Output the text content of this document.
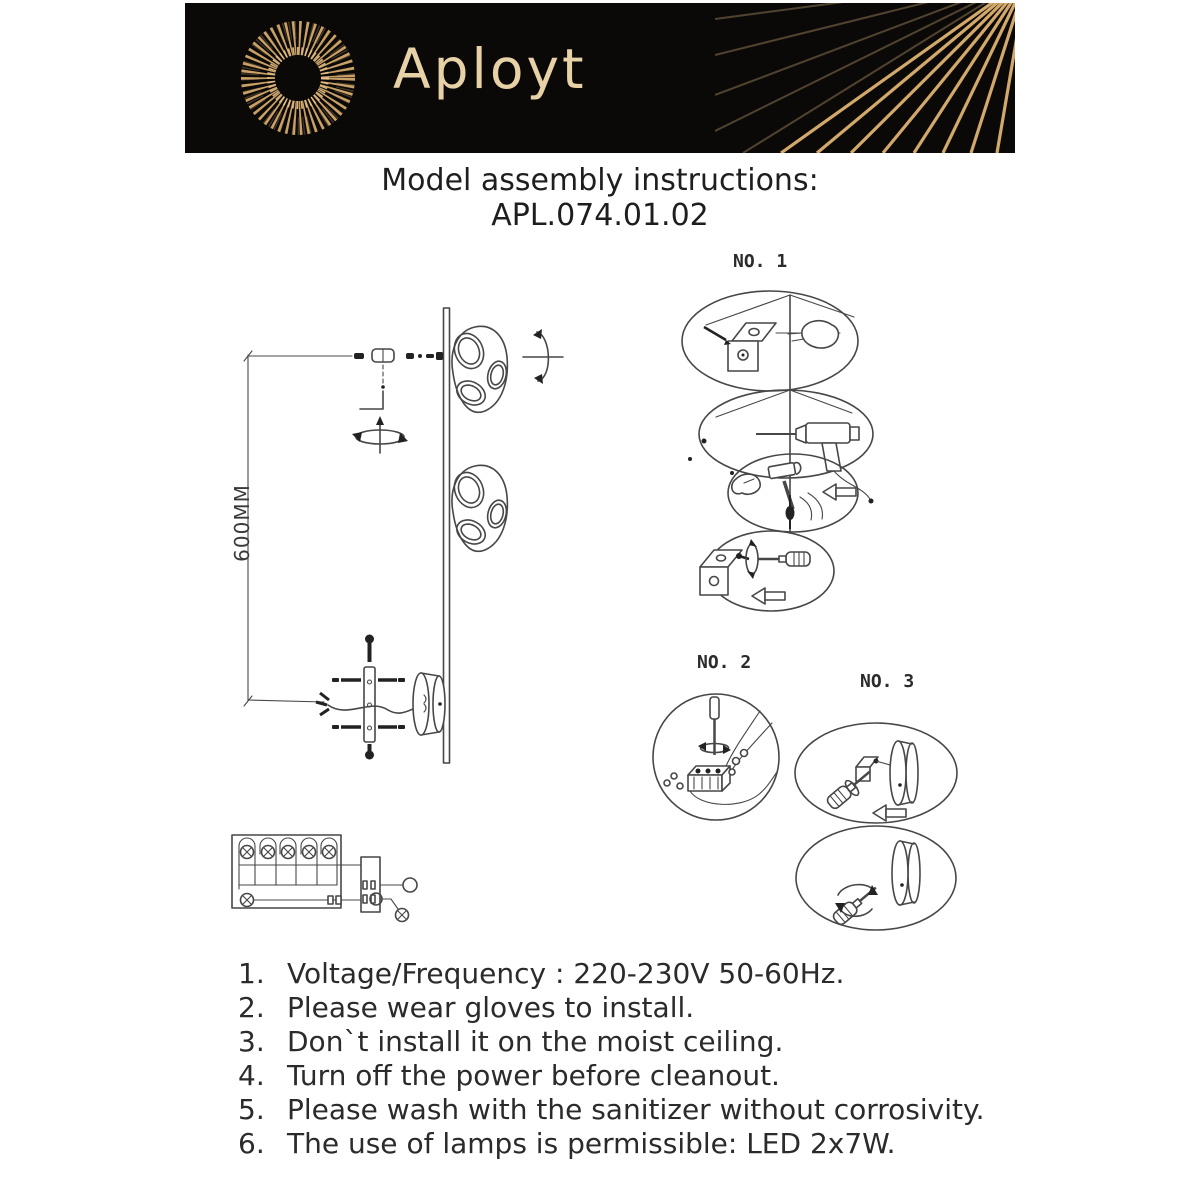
Aployt
Model assembly instructions:
APL.074.01.02
600MM
NO. 1
NO. 2
NO. 3
1. Voltage/Frequency : 220-230V 50-60Hz.
2. Please wear gloves to install.
3. Don`t install it on the moist ceiling.
4. Turn off the power before cleanout.
5. Please wash with the sanitizer without corrosivity.
6. The use of lamps is permissible: LED 2x7W.
